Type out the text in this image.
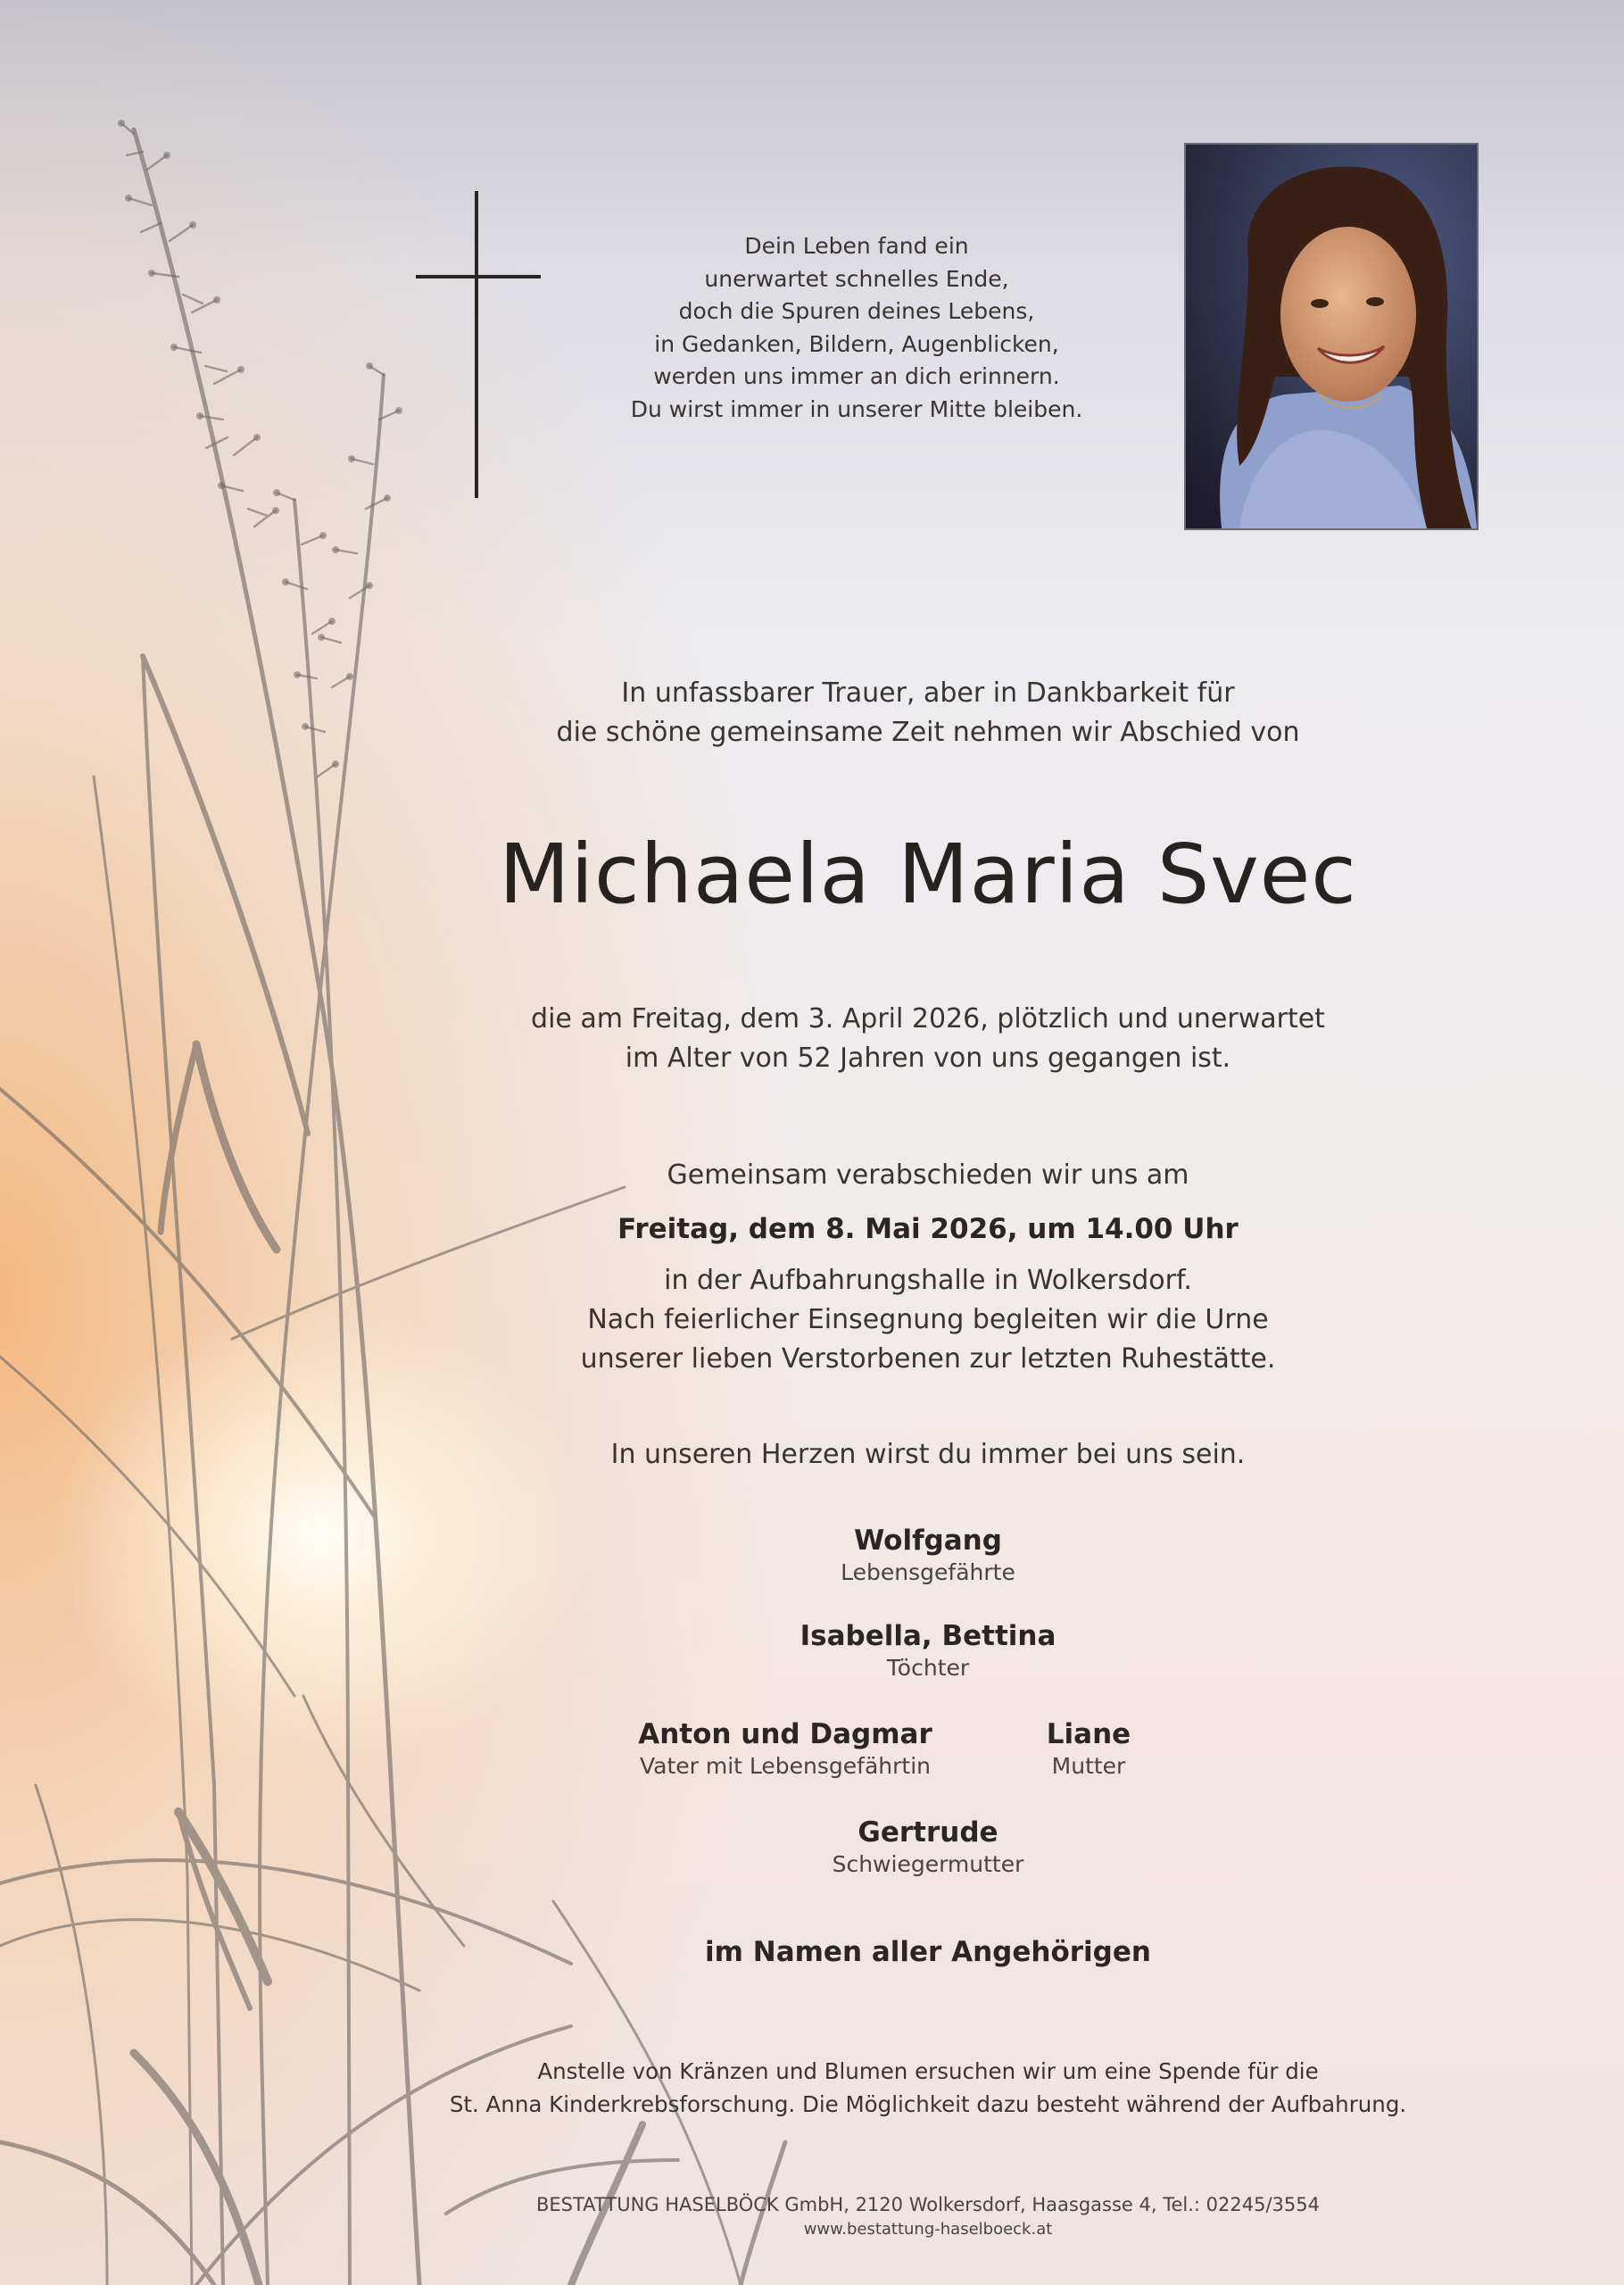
Dein Leben fand ein
unerwartet schnelles Ende,
doch die Spuren deines Lebens,
in Gedanken, Bildern, Augenblicken,
werden uns immer an dich erinnern.
Du wirst immer in unserer Mitte bleiben.
In unfassbarer Trauer, aber in Dankbarkeit für
die schöne gemeinsame Zeit nehmen wir Abschied von
Michaela Maria Svec
die am Freitag, dem 3. April 2026, plötzlich und unerwartet
im Alter von 52 Jahren von uns gegangen ist.
Gemeinsam verabschieden wir uns am
Freitag, dem 8. Mai 2026, um 14.00 Uhr
in der Aufbahrungshalle in Wolkersdorf.
Nach feierlicher Einsegnung begleiten wir die Urne
unserer lieben Verstorbenen zur letzten Ruhestätte.
In unseren Herzen wirst du immer bei uns sein.
Wolfgang
Lebensgefährte
Isabella, Bettina
Töchter
Anton und Dagmar
Vater mit Lebensgefährtin
Liane
Mutter
Gertrude
Schwiegermutter
im Namen aller Angehörigen
Anstelle von Kränzen und Blumen ersuchen wir um eine Spende für die
St. Anna Kinderkrebsforschung. Die Möglichkeit dazu besteht während der Aufbahrung.
BESTATTUNG HASELBÖCK GmbH, 2120 Wolkersdorf, Haasgasse 4, Tel.: 02245/3554
www.bestattung-haselboeck.at
